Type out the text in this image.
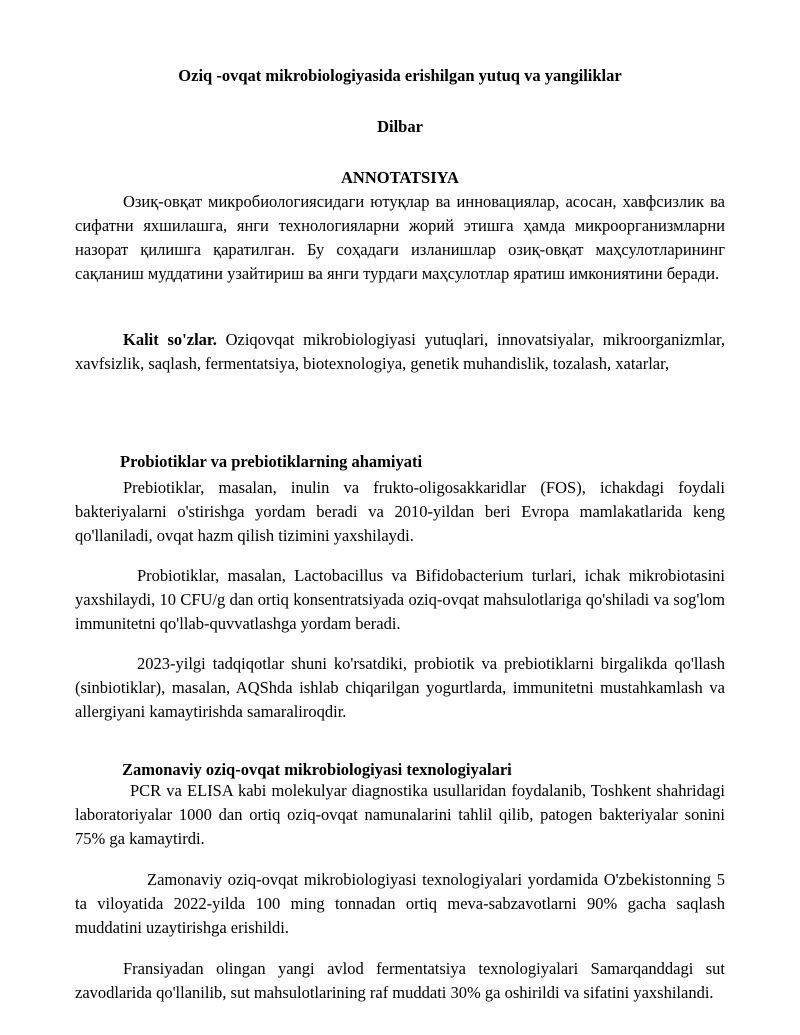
Oziq -ovqat mikrobiologiyasida erishilgan yutuq va yangiliklar
Dilbar
ANNOTATSIYA

Озиқ-овқат микробиологиясидаги ютуқлар ва инновациялар, асосан, хавфсизлик ва сифатни яхшилашга, янги технологияларни жорий этишга ҳамда микроорганизмларни назорат қилишга қаратилган. Бу соҳадаги изланишлар озиқ-овқат маҳсулотларининг сақланиш муддатини узайтириш ва янги турдаги маҳсулотлар яратиш имкониятини беради.

Kalit so'zlar. Oziqovqat mikrobiologiyasi yutuqlari, innovatsiyalar, mikroorganizmlar, xavfsizlik, saqlash, fermentatsiya, biotexnologiya, genetik muhandislik, tozalash, xatarlar,

Probiotiklar va prebiotiklarning ahamiyati

Prebiotiklar, masalan, inulin va frukto-oligosakkaridlar (FOS), ichakdagi foydali bakteriyalarni o'stirishga yordam beradi va 2010-yildan beri Evropa mamlakatlarida keng qo'llaniladi, ovqat hazm qilish tizimini yaxshilaydi.

Probiotiklar, masalan, Lactobacillus va Bifidobacterium turlari, ichak mikrobiotasini yaxshilaydi, 10 CFU/g dan ortiq konsentratsiyada oziq-ovqat mahsulotlariga qo'shiladi va sog'lom immunitetni qo'llab-quvvatlashga yordam beradi.

2023-yilgi tadqiqotlar shuni ko'rsatdiki, probiotik va prebiotiklarni birgalikda qo'llash (sinbiotiklar), masalan, AQShda ishlab chiqarilgan yogurtlarda, immunitetni mustahkamlash va allergiyani kamaytirishda samaraliroqdir.

Zamonaviy oziq-ovqat mikrobiologiyasi texnologiyalari

PCR va ELISA kabi molekulyar diagnostika usullaridan foydalanib, Toshkent shahridagi laboratoriyalar 1000 dan ortiq oziq-ovqat namunalarini tahlil qilib, patogen bakteriyalar sonini 75% ga kamaytirdi.

Zamonaviy oziq-ovqat mikrobiologiyasi texnologiyalari yordamida O'zbekistonning 5 ta viloyatida 2022-yilda 100 ming tonnadan ortiq meva-sabzavotlarni 90% gacha saqlash muddatini uzaytirishga erishildi.

Fransiyadan olingan yangi avlod fermentatsiya texnologiyalari Samarqanddagi sut zavodlarida qo'llanilib, sut mahsulotlarining raf muddati 30% ga oshirildi va sifatini yaxshilandi.
